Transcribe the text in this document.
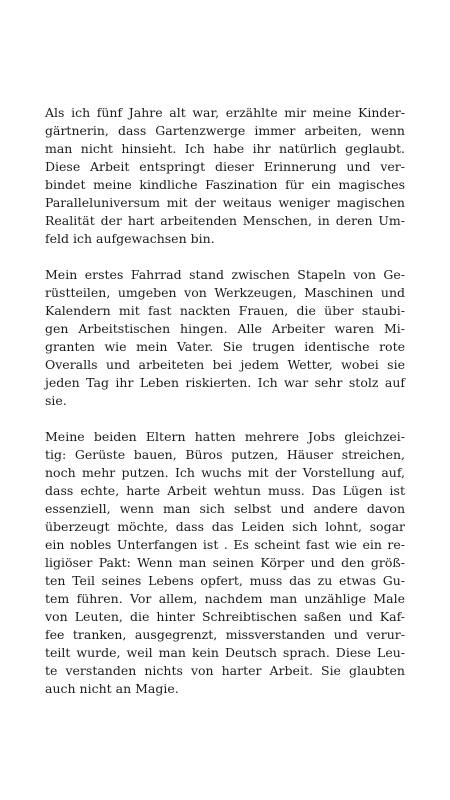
Als ich fünf Jahre alt war, erzählte mir meine Kinder-
gärtnerin, dass Gartenzwerge immer arbeiten, wenn
man nicht hinsieht. Ich habe ihr natürlich geglaubt.
Diese Arbeit entspringt dieser Erinnerung und ver-
bindet meine kindliche Faszination für ein magisches
Paralleluniversum mit der weitaus weniger magischen
Realität der hart arbeitenden Menschen, in deren Um-
feld ich aufgewachsen bin.
Mein erstes Fahrrad stand zwischen Stapeln von Ge-
rüstteilen, umgeben von Werkzeugen, Maschinen und
Kalendern mit fast nackten Frauen, die über staubi-
gen Arbeitstischen hingen. Alle Arbeiter waren Mi-
granten wie mein Vater. Sie trugen identische rote
Overalls und arbeiteten bei jedem Wetter, wobei sie
jeden Tag ihr Leben riskierten. Ich war sehr stolz auf
sie.
Meine beiden Eltern hatten mehrere Jobs gleichzei-
tig: Gerüste bauen, Büros putzen, Häuser streichen,
noch mehr putzen. Ich wuchs mit der Vorstellung auf,
dass echte, harte Arbeit wehtun muss. Das Lügen ist
essenziell, wenn man sich selbst und andere davon
überzeugt möchte, dass das Leiden sich lohnt, sogar
ein nobles Unterfangen ist . Es scheint fast wie ein re-
ligiöser Pakt: Wenn man seinen Körper und den größ-
ten Teil seines Lebens opfert, muss das zu etwas Gu-
tem führen. Vor allem, nachdem man unzählige Male
von Leuten, die hinter Schreibtischen saßen und Kaf-
fee tranken, ausgegrenzt, missverstanden und verur-
teilt wurde, weil man kein Deutsch sprach. Diese Leu-
te verstanden nichts von harter Arbeit. Sie glaubten
auch nicht an Magie.
